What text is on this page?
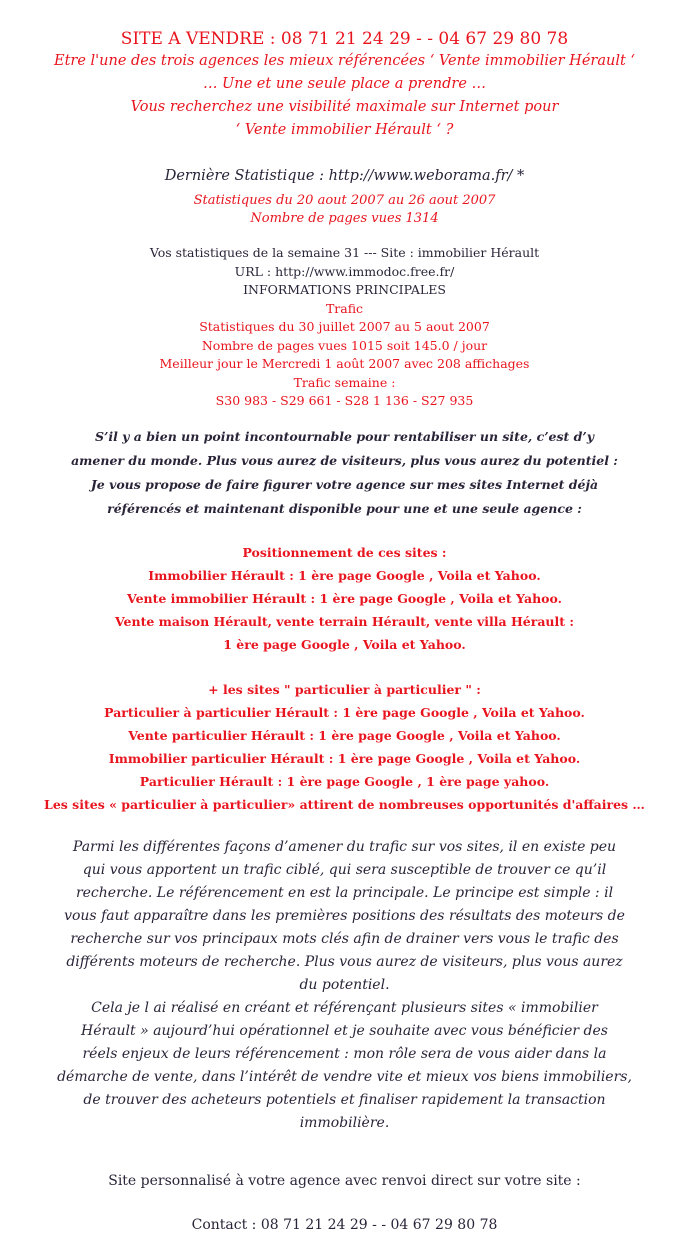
SITE A VENDRE : 08 71 21 24 29 - - 04 67 29 80 78
Etre l'une des trois agences les mieux référencées ‘ Vente immobilier Hérault ‘
… Une et une seule place a prendre …
Vous recherchez une visibilité maximale sur Internet pour
‘ Vente immobilier Hérault ‘ ?
Dernière Statistique : http://www.weborama.fr/ *
Statistiques du 20 aout 2007 au 26 aout 2007
Nombre de pages vues 1314
Vos statistiques de la semaine 31 --- Site : immobilier Hérault
URL : http://www.immodoc.free.fr/
INFORMATIONS PRINCIPALES
Trafic
Statistiques du 30 juillet 2007 au 5 aout 2007
Nombre de pages vues 1015 soit 145.0 / jour
Meilleur jour le Mercredi 1 août 2007 avec 208 affichages
Trafic semaine :
S30 983 - S29 661 - S28 1 136 - S27 935
S’il y a bien un point incontournable pour rentabiliser un site, c’est d’y
amener du monde. Plus vous aurez de visiteurs, plus vous aurez du potentiel :
Je vous propose de faire figurer votre agence sur mes sites Internet déjà
référencés et maintenant disponible pour une et une seule agence :
Positionnement de ces sites :
Immobilier Hérault : 1 ère page Google , Voila et Yahoo.
Vente immobilier Hérault : 1 ère page Google , Voila et Yahoo.
Vente maison Hérault, vente terrain Hérault, vente villa Hérault :
1 ère page Google , Voila et Yahoo.
+ les sites " particulier à particulier " :
Particulier à particulier Hérault : 1 ère page Google , Voila et Yahoo.
Vente particulier Hérault : 1 ère page Google , Voila et Yahoo.
Immobilier particulier Hérault : 1 ère page Google , Voila et Yahoo.
Particulier Hérault : 1 ère page Google , 1 ère page yahoo.
Les sites « particulier à particulier» attirent de nombreuses opportunités d'affaires …
Parmi les différentes façons d’amener du trafic sur vos sites, il en existe peu
qui vous apportent un trafic ciblé, qui sera susceptible de trouver ce qu’il
recherche. Le référencement en est la principale. Le principe est simple : il
vous faut apparaître dans les premières positions des résultats des moteurs de
recherche sur vos principaux mots clés afin de drainer vers vous le trafic des
différents moteurs de recherche. Plus vous aurez de visiteurs, plus vous aurez
du potentiel.
Cela je l ai réalisé en créant et référençant plusieurs sites « immobilier
Hérault » aujourd’hui opérationnel et je souhaite avec vous bénéficier des
réels enjeux de leurs référencement : mon rôle sera de vous aider dans la
démarche de vente, dans l’intérêt de vendre vite et mieux vos biens immobiliers,
de trouver des acheteurs potentiels et finaliser rapidement la transaction
immobilière.
Site personnalisé à votre agence avec renvoi direct sur votre site :
Contact : 08 71 21 24 29 - - 04 67 29 80 78
